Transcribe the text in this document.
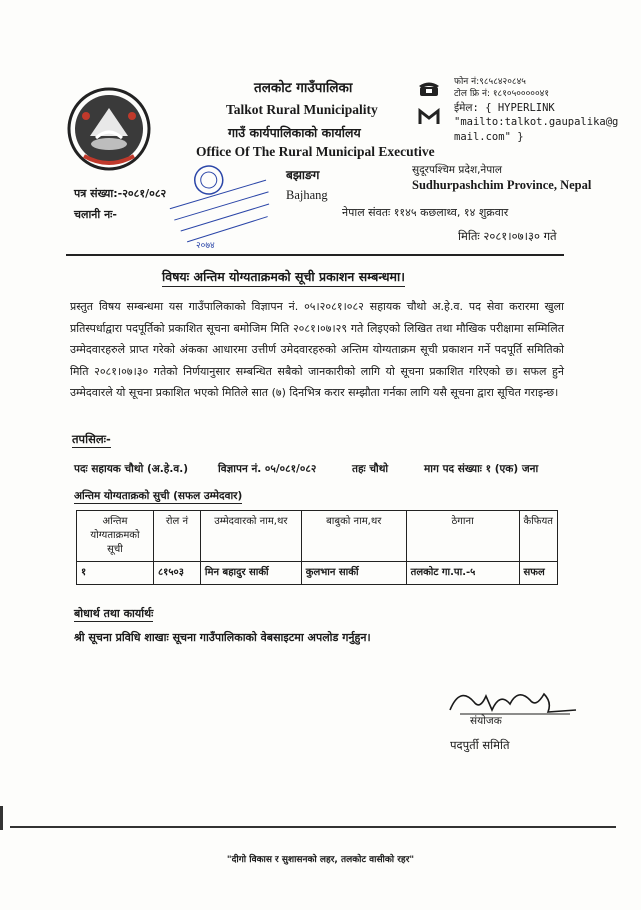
तलकोट गाउँपालिका
Talkot Rural Municipality
गाउँ कार्यपालिकाको कार्यालय
Office Of The Rural Municipal Executive
बझाङग
Bajhang
फोन नं:९८५८४२०८४५
टोल फ्रि नं: १८१०५०००००४१
ईमेल: { HYPERLINK
"mailto:talkot.gaupalika@g
mail.com" }
सुदूरपश्चिम प्रदेश,नेपाल
Sudhurpashchim Province, Nepal
पत्र संख्या:-२०८१/०८२
चलानी नः-
२०७४
नेपाल संवतः ११४५ कछलाथ्व, १४ शुक्रवार
मितिः २०८१।०७।३० गते
विषयः अन्तिम योग्यताक्रमको सूची प्रकाशन सम्बन्धमा।
प्रस्तुत विषय सम्बन्धमा यस गाउँपालिकाको विज्ञापन नं. ०५।२०८१।०८२ सहायक चौथो अ.हे.व. पद सेवा करारमा खुला प्रतिस्पर्धाद्वारा पदपूर्तिको प्रकाशित सूचना बमोजिम मिति २०८१।०७।२९ गते लिइएको लिखित तथा मौखिक परीक्षामा सम्मिलित उम्मेदवारहरुले प्राप्त गरेको अंकका आधारमा उत्तीर्ण उमेदवारहरुको अन्तिम योग्यताक्रम सूची प्रकाशन गर्ने पदपूर्ति समितिको मिति २०८१।०७।३० गतेको निर्णयानुसार सम्बन्धित सबैको जानकारीको लागि यो सूचना प्रकाशित गरिएको छ। सफल हुने उम्मेदवारले यो सूचना प्रकाशित भएको मितिले सात (७) दिनभित्र करार सम्झौता गर्नका लागि यसै सूचना द्वारा सूचित गराइन्छ।
तपसिलः-
पदः सहायक चौथो (अ.हे.व.)	विज्ञापन नं. ०५/०८१/०८२	तहः चौथो	माग पद संख्याः १ (एक) जना
अन्तिम योग्यताक्रको सुची (सफल उम्मेदवार)
अन्तिम योग्यताक्रमको सूची	रोल नं	उम्मेदवारको नाम,थर	बाबुको नाम,थर	ठेगाना	कैफियत
१	८१५०३	मिन बहादुर सार्की	कुलभान सार्की	तलकोट गा.पा.-५	सफल
बोधार्थ तथा कार्यार्थः
श्री सूचना प्रविधि शाखाः सूचना गाउँपालिकाको वेबसाइटमा अपलोड गर्नुहुन।
संयोजक
पदपुर्ती समिति
"दीगो विकास र सुशासनको लहर, तलकोट वासीको रहर"
